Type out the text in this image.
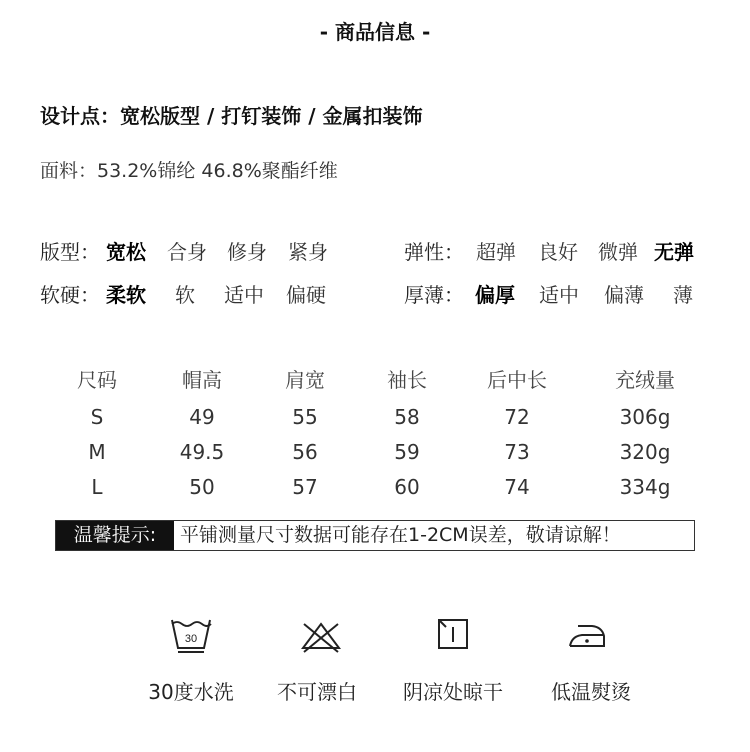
- 商品信息 -
设计点：宽松版型 / 打钉装饰 / 金属扣装饰
面料：53.2%锦纶 46.8%聚酯纤维
版型： 宽松 合身 修身 紧身	弹性： 超弹 良好 微弹 无弹
软硬： 柔软 软 适中 偏硬	厚薄： 偏厚 适中 偏薄 薄
尺码	帽高	肩宽	袖长	后中长	充绒量
S	49	55	58	72	306g
M	49.5	56	59	73	320g
L	50	57	60	74	334g
温馨提示:	平铺测量尺寸数据可能存在1-2CM误差，敬请谅解！
30
30度水洗	不可漂白	阴凉处晾干	低温熨烫
